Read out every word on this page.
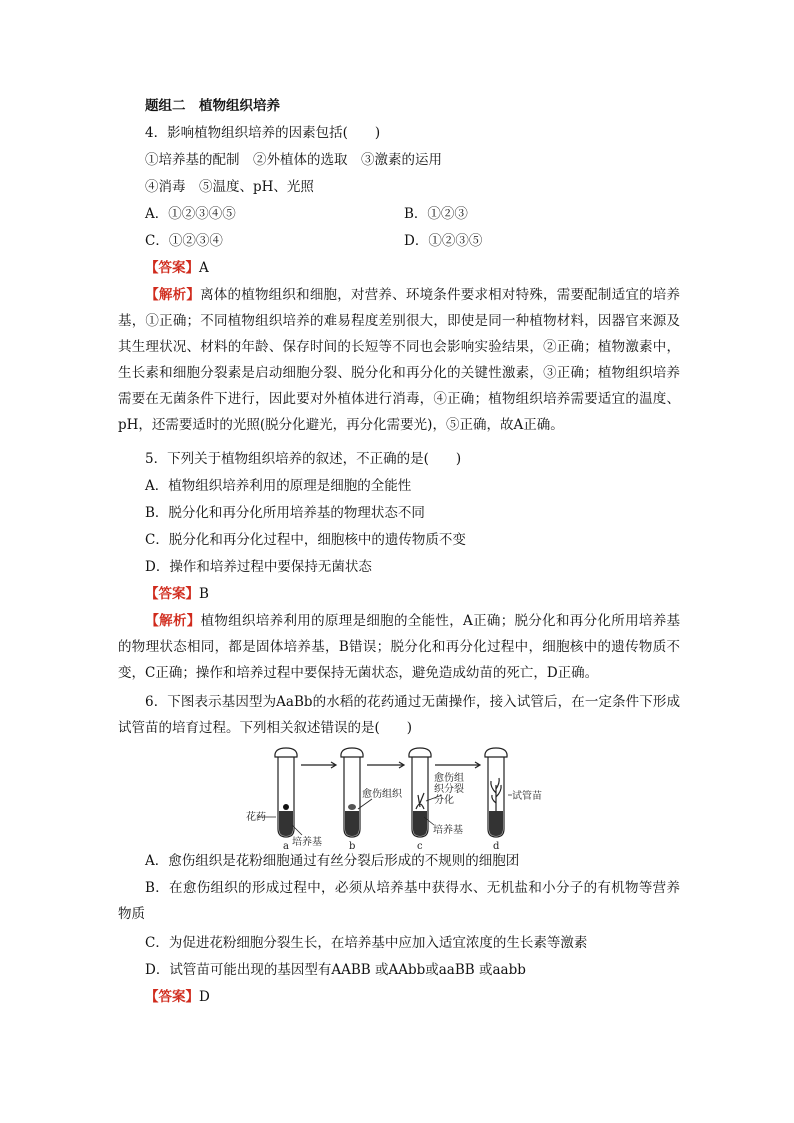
题组二　植物组织培养
4．影响植物组织培养的因素包括(　　)
①培养基的配制　②外植体的选取　③激素的运用
④消毒　⑤温度、pH、光照
A．①②③④⑤	B．①②③
C．①②③④	D．①②③⑤
【答案】A
【解析】离体的植物组织和细胞，对营养、环境条件要求相对特殊，需要配制适宜的培养基，①正确；不同植物组织培养的难易程度差别很大，即使是同一种植物材料，因器官来源及其生理状况、材料的年龄、保存时间的长短等不同也会影响实验结果，②正确；植物激素中，生长素和细胞分裂素是启动细胞分裂、脱分化和再分化的关键性激素，③正确；植物组织培养需要在无菌条件下进行，因此要对外植体进行消毒，④正确；植物组织培养需要适宜的温度、pH，还需要适时的光照(脱分化避光，再分化需要光)，⑤正确，故A正确。
5．下列关于植物组织培养的叙述，不正确的是(　　)
A．植物组织培养利用的原理是细胞的全能性
B．脱分化和再分化所用培养基的物理状态不同
C．脱分化和再分化过程中，细胞核中的遗传物质不变
D．操作和培养过程中要保持无菌状态
【答案】B
【解析】植物组织培养利用的原理是细胞的全能性，A正确；脱分化和再分化所用培养基的物理状态相同，都是固体培养基，B错误；脱分化和再分化过程中，细胞核中的遗传物质不变，C正确；操作和培养过程中要保持无菌状态，避免造成幼苗的死亡，D正确。
6．下图表示基因型为AaBb的水稻的花药通过无菌操作，接入试管后，在一定条件下形成试管苗的培育过程。下列相关叙述错误的是(　　)
花药
培养基
愈伤组织
愈伤组
织分裂
分化
培养基
试管苗
a	b	c	d
A．愈伤组织是花粉细胞通过有丝分裂后形成的不规则的细胞团
B．在愈伤组织的形成过程中，必须从培养基中获得水、无机盐和小分子的有机物等营养物质
C．为促进花粉细胞分裂生长，在培养基中应加入适宜浓度的生长素等激素
D．试管苗可能出现的基因型有AABB 或AAbb或aaBB 或aabb
【答案】D
